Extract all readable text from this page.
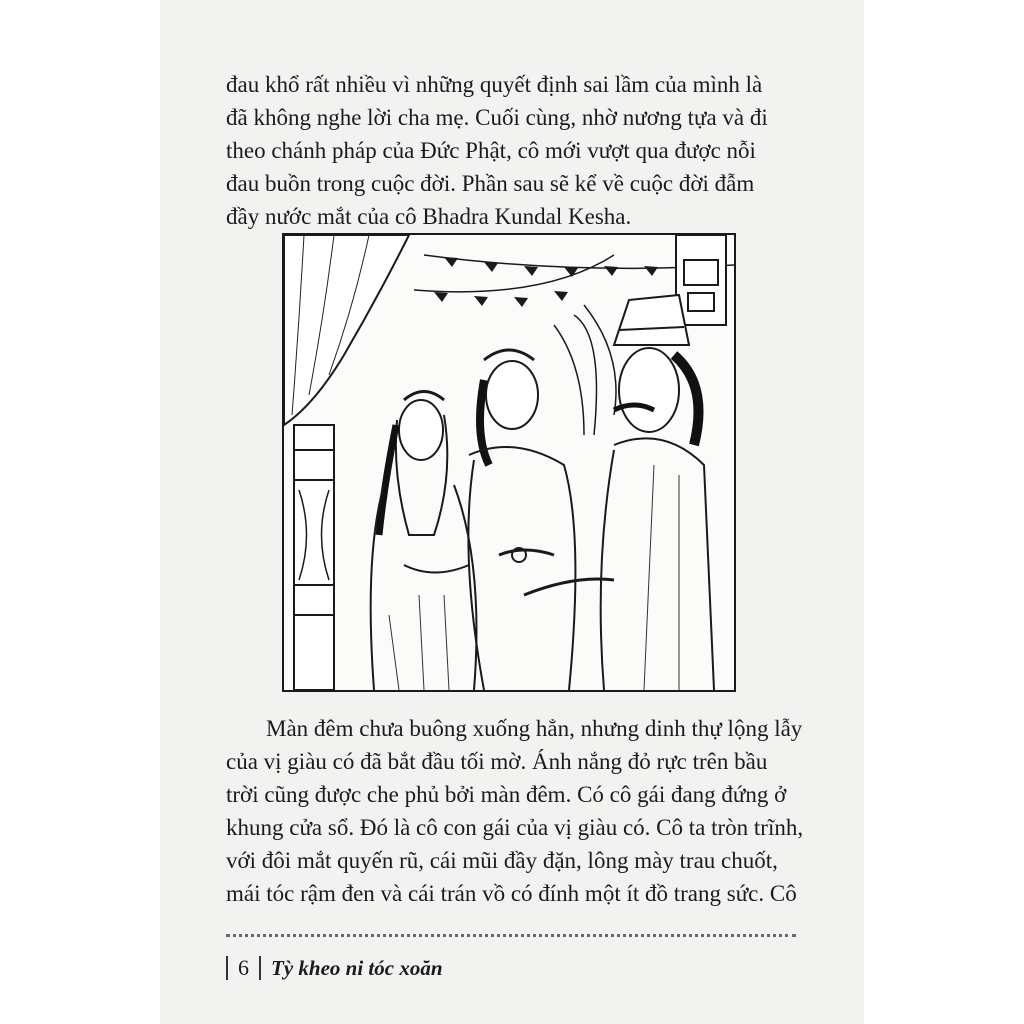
đau khổ rất nhiều vì những quyết định sai lầm của mình là
đã không nghe lời cha mẹ. Cuối cùng, nhờ nương tựa và đi
theo chánh pháp của Đức Phật, cô mới vượt qua được nỗi
đau buồn trong cuộc đời. Phần sau sẽ kể về cuộc đời đẫm
đầy nước mắt của cô Bhadra Kundal Kesha.
Màn đêm chưa buông xuống hẳn, nhưng dinh thự lộng lẫy
của vị giàu có đã bắt đầu tối mờ. Ánh nắng đỏ rực trên bầu
trời cũng được che phủ bởi màn đêm. Có cô gái đang đứng ở
khung cửa sổ. Đó là cô con gái của vị giàu có. Cô ta tròn trĩnh,
với đôi mắt quyến rũ, cái mũi đầy đặn, lông mày trau chuốt,
mái tóc rậm đen và cái trán vồ có đính một ít đồ trang sức. Cô
6 Tỳ kheo ni tóc xoăn
